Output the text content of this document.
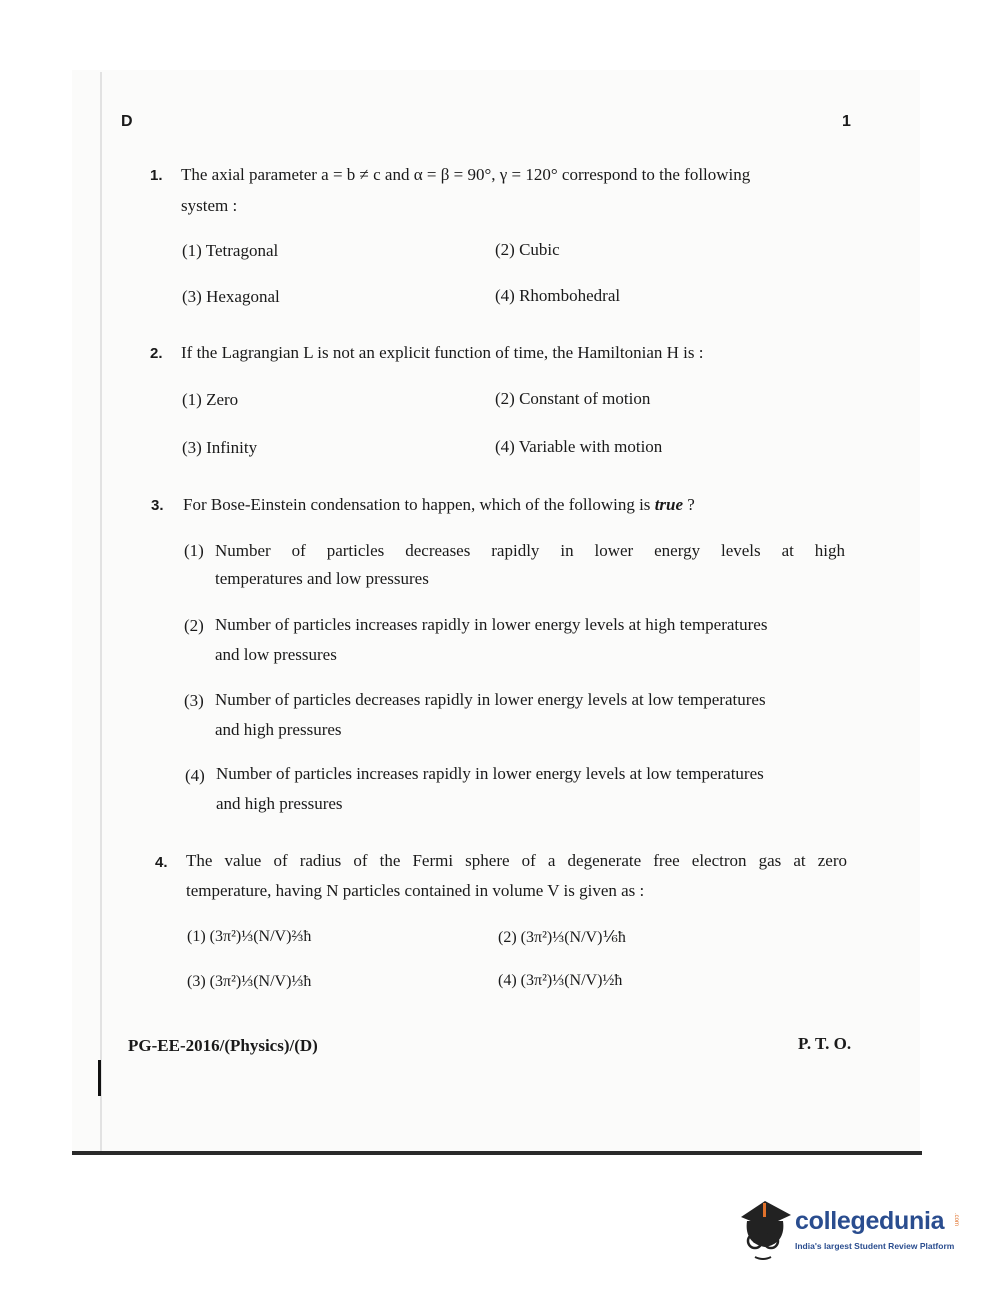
D	1
1. The axial parameter a = b ≠ c and α = β = 90°, γ = 120° correspond to the following
system :
(1) Tetragonal	(2) Cubic
(3) Hexagonal	(4) Rhombohedral
2. If the Lagrangian L is not an explicit function of time, the Hamiltonian H is :
(1) Zero	(2) Constant of motion
(3) Infinity	(4) Variable with motion
3. For Bose-Einstein condensation to happen, which of the following is true ?
(1) Number of particles decreases rapidly in lower energy levels at high
temperatures and low pressures
(2) Number of particles increases rapidly in lower energy levels at high temperatures
and low pressures
(3) Number of particles decreases rapidly in lower energy levels at low temperatures
and high pressures
(4) Number of particles increases rapidly in lower energy levels at low temperatures
and high pressures
4. The value of radius of the Fermi sphere of a degenerate free electron gas at zero
temperature, having N particles contained in volume V is given as :
(1) (3π²)⅓(N/V)⅔ħ	(2) (3π²)⅓(N/V)⅙ħ
(3) (3π²)⅓(N/V)⅓ħ	(4) (3π²)⅓(N/V)½ħ
PG-EE-2016/(Physics)/(D)	P. T. O.
collegedunia .com
India's largest Student Review Platform
